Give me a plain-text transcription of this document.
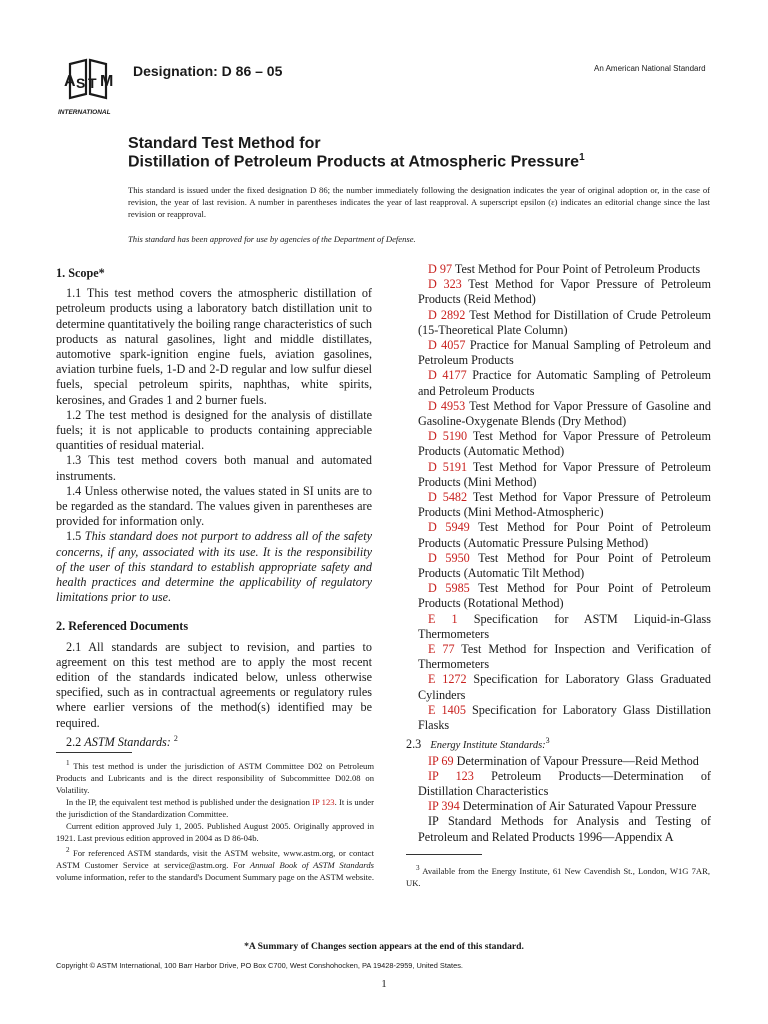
A S T M
INTERNATIONAL
Designation: D 86 – 05	An American National Standard
Standard Test Method for
Distillation of Petroleum Products at Atmospheric Pressure$^1$
This standard is issued under the fixed designation D 86; the number immediately following the designation indicates the year of original adoption or, in the case of revision, the year of last revision. A number in parentheses indicates the year of last reapproval. A superscript epsilon (ε) indicates an editorial change since the last revision or reapproval.
This standard has been approved for use by agencies of the Department of Defense.
1. Scope*

1.1 This test method covers the atmospheric distillation of petroleum products using a laboratory batch distillation unit to determine quantitatively the boiling range characteristics of such products as natural gasolines, light and middle distillates, automotive spark-ignition engine fuels, aviation gasolines, aviation turbine fuels, 1-D and 2-D regular and low sulfur diesel fuels, special petroleum spirits, naphthas, white spirits, kerosines, and Grades 1 and 2 burner fuels.

1.2 The test method is designed for the analysis of distillate fuels; it is not applicable to products containing appreciable quantities of residual material.

1.3 This test method covers both manual and automated instruments.

1.4 Unless otherwise noted, the values stated in SI units are to be regarded as the standard. The values given in parentheses are provided for information only.

1.5 This standard does not purport to address all of the safety concerns, if any, associated with its use. It is the responsibility of the user of this standard to establish appropriate safety and health practices and determine the applicability of regulatory limitations prior to use.

2. Referenced Documents

2.1 All standards are subject to revision, and parties to agreement on this test method are to apply the most recent edition of the standards indicated below, unless otherwise specified, such as in contractual agreements or regulatory rules where earlier versions of the method(s) identified may be required.

2.2 ASTM Standards: $^2$

D 97 Test Method for Pour Point of Petroleum Products

D 323 Test Method for Vapor Pressure of Petroleum Products (Reid Method)

D 2892 Test Method for Distillation of Crude Petroleum (15-Theoretical Plate Column)

D 4057 Practice for Manual Sampling of Petroleum and Petroleum Products

D 4177 Practice for Automatic Sampling of Petroleum and Petroleum Products

D 4953 Test Method for Vapor Pressure of Gasoline and Gasoline-Oxygenate Blends (Dry Method)

D 5190 Test Method for Vapor Pressure of Petroleum Products (Automatic Method)

D 5191 Test Method for Vapor Pressure of Petroleum Products (Mini Method)

D 5482 Test Method for Vapor Pressure of Petroleum Products (Mini Method-Atmospheric)

D 5949 Test Method for Pour Point of Petroleum Products (Automatic Pressure Pulsing Method)

D 5950 Test Method for Pour Point of Petroleum Products (Automatic Tilt Method)

D 5985 Test Method for Pour Point of Petroleum Products (Rotational Method)

E 1 Specification for ASTM Liquid-in-Glass Thermometers

E 77 Test Method for Inspection and Verification of Thermometers

E 1272 Specification for Laboratory Glass Graduated Cylinders

E 1405 Specification for Laboratory Glass Distillation Flasks

2.3 Energy Institute Standards:$^3$

IP 69 Determination of Vapour Pressure—Reid Method

IP 123 Petroleum Products—Determination of Distillation Characteristics

IP 394 Determination of Air Saturated Vapour Pressure

IP Standard Methods for Analysis and Testing of Petroleum and Related Products 1996—Appendix A

$^1$ This test method is under the jurisdiction of ASTM Committee D02 on Petroleum Products and Lubricants and is the direct responsibility of Subcommittee D02.08 on Volatility.

In the IP, the equivalent test method is published under the designation IP 123. It is under the jurisdiction of the Standardization Committee.

Current edition approved July 1, 2005. Published August 2005. Originally approved in 1921. Last previous edition approved in 2004 as D 86-04b.

$^2$ For referenced ASTM standards, visit the ASTM website, www.astm.org, or contact ASTM Customer Service at service@astm.org. For Annual Book of ASTM Standards volume information, refer to the standard's Document Summary page on the ASTM website.

$^3$ Available from the Energy Institute, 61 New Cavendish St., London, W1G 7AR, UK.

*A Summary of Changes section appears at the end of this standard.
Copyright © ASTM International, 100 Barr Harbor Drive, PO Box C700, West Conshohocken, PA 19428-2959, United States.
1
